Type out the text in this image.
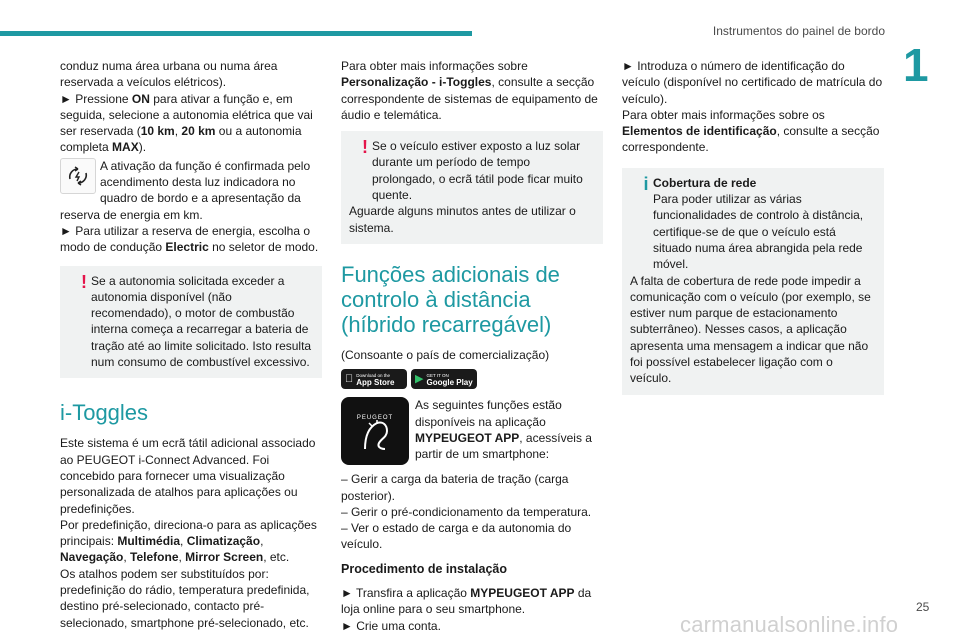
Instrumentos do painel de bordo
1

conduz numa área urbana ou numa área reservada a veículos elétricos).

► Pressione ON para ativar a função e, em seguida, selecione a autonomia elétrica que vai ser reservada (10 km, 20 km ou a autonomia completa MAX).

A ativação da função é confirmada pelo acendimento desta luz indicadora no quadro de bordo e a apresentação da reserva de energia em km.

► Para utilizar a reserva de energia, escolha o modo de condução Electric no seletor de modo.

! Se a autonomia solicitada exceder a autonomia disponível (não recomendado), o motor de combustão interna começa a recarregar a bateria de tração até ao limite solicitado. Isto resulta num consumo de combustível excessivo.
i-Toggles

Este sistema é um ecrã tátil adicional associado ao PEUGEOT i-Connect Advanced. Foi concebido para fornecer uma visualização personalizada de atalhos para aplicações ou predefinições.

Por predefinição, direciona-o para as aplicações principais: Multimédia, Climatização, Navegação, Telefone, Mirror Screen, etc.

Os atalhos podem ser substituídos por: predefinição do rádio, temperatura predefinida, destino pré-selecionado, contacto pré-selecionado, smartphone pré-selecionado, etc.

Para obter mais informações sobre Personalização - i-Toggles, consulte a secção correspondente de sistemas de equipamento de áudio e telemática.

! Se o veículo estiver exposto a luz solar durante um período de tempo prolongado, o ecrã tátil pode ficar muito quente.
Aguarde alguns minutos antes de utilizar o sistema.
Funções adicionais de controlo à distância (híbrido recarregável)

(Consoante o país de comercialização)

Download on the
App Store	▶ GET IT ON
Google Play
PEUGEOT

As seguintes funções estão disponíveis na aplicação MYPEUGEOT APP, acessíveis a partir de um smartphone:

– Gerir a carga da bateria de tração (carga posterior).

– Gerir o pré-condicionamento da temperatura.

– Ver o estado de carga e da autonomia do veículo.

Procedimento de instalação

► Transfira a aplicação MYPEUGEOT APP da loja online para o seu smartphone.

► Crie uma conta.

► Introduza o número de identificação do veículo (disponível no certificado de matrícula do veículo).

Para obter mais informações sobre os Elementos de identificação, consulte a secção correspondente.

i Cobertura de rede
Para poder utilizar as várias funcionalidades de controlo à distância, certifique-se de que o veículo está situado numa área abrangida pela rede móvel.
A falta de cobertura de rede pode impedir a comunicação com o veículo (por exemplo, se estiver num parque de estacionamento subterrâneo). Nesses casos, a aplicação apresenta uma mensagem a indicar que não foi possível estabelecer ligação com o veículo.
25
carmanualsonline.info
